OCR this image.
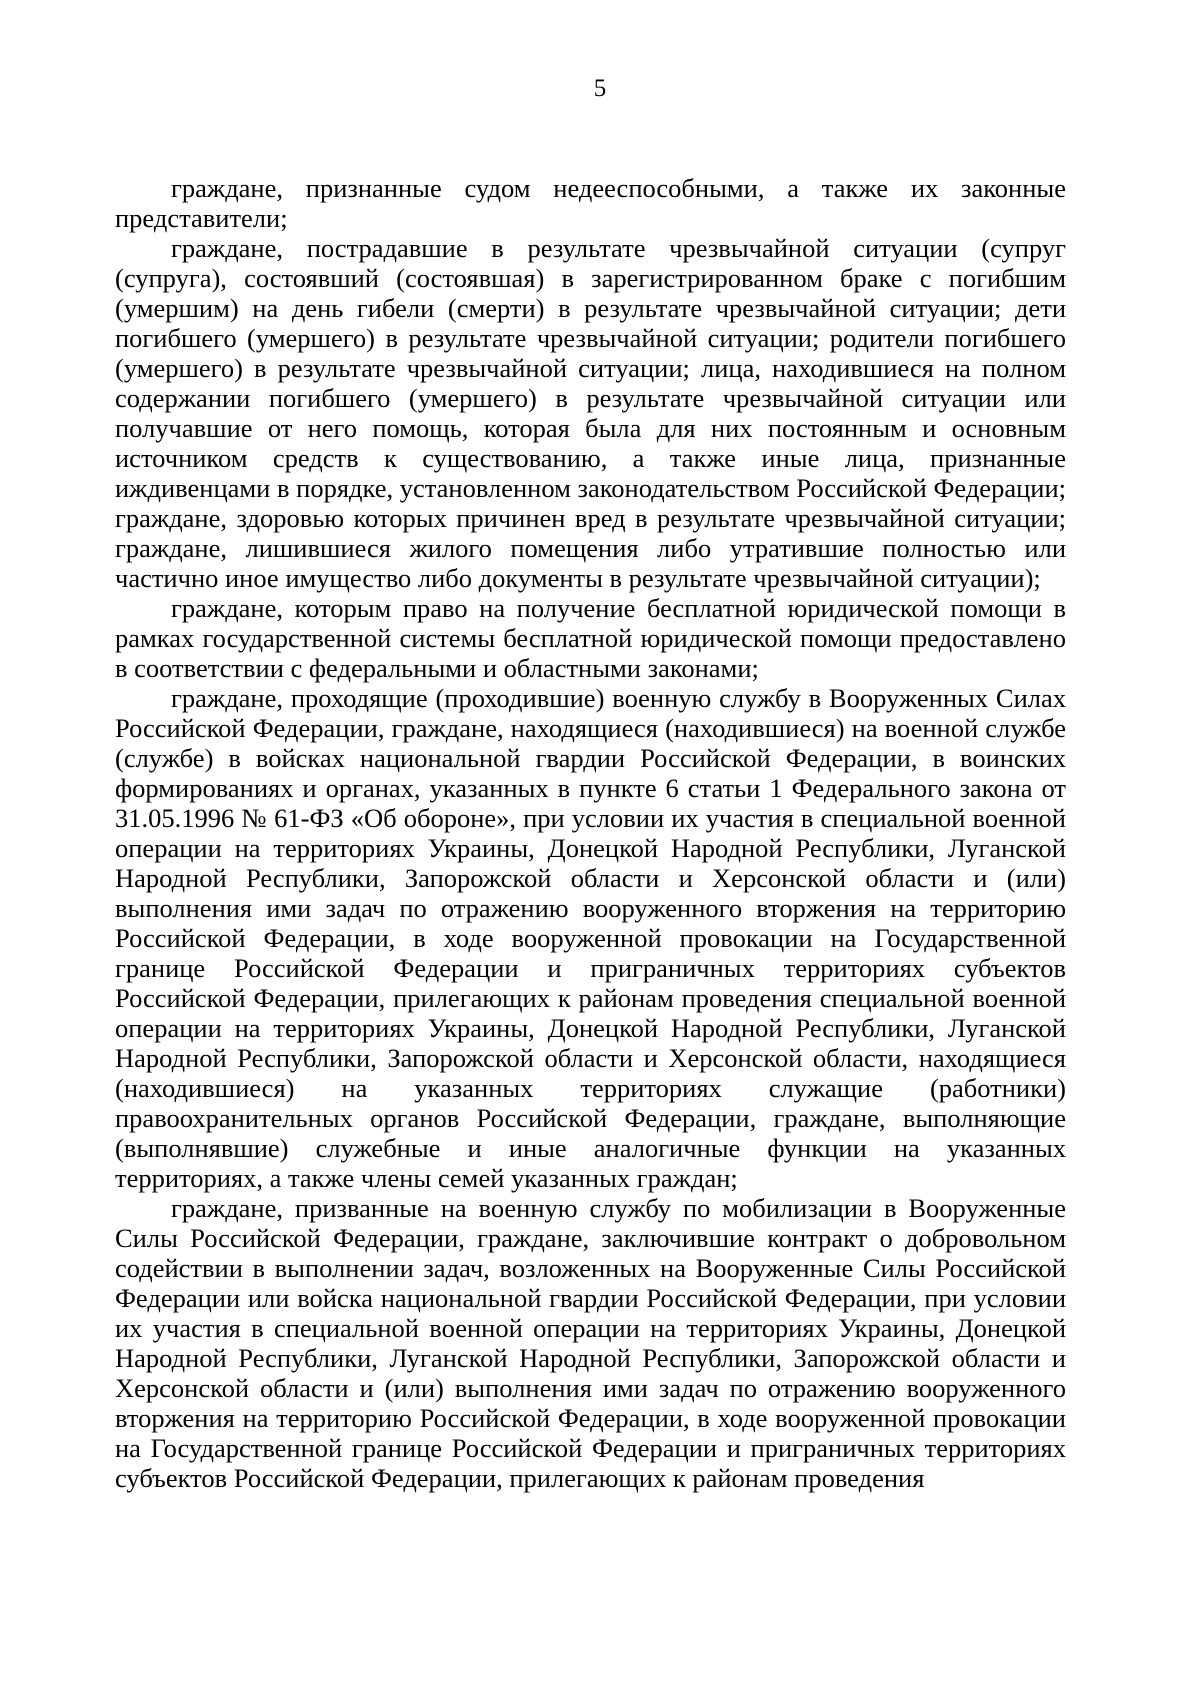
5

граждане, признанные судом недееспособными, а также их законные представители;

граждане, пострадавшие в результате чрезвычайной ситуации (супруг (супруга), состоявший (состоявшая) в зарегистрированном браке с погибшим (умершим) на день гибели (смерти) в результате чрезвычайной ситуации; дети погибшего (умершего) в результате чрезвычайной ситуации; родители погибшего (умершего) в результате чрезвычайной ситуации; лица, находившиеся на полном содержании погибшего (умершего) в результате чрезвычайной ситуации или получавшие от него помощь, которая была для них постоянным и основным источником средств к существованию, а также иные лица, признанные иждивенцами в порядке, установленном законодательством Российской Федерации; граждане, здоровью которых причинен вред в результате чрезвычайной ситуации; граждане, лишившиеся жилого помещения либо утратившие полностью или частично иное имущество либо документы в результате чрезвычайной ситуации);

граждане, которым право на получение бесплатной юридической помощи в рамках государственной системы бесплатной юридической помощи предоставлено в соответствии с федеральными и областными законами;

граждане, проходящие (проходившие) военную службу в Вооруженных Силах Российской Федерации, граждане, находящиеся (находившиеся) на военной службе (службе) в войсках национальной гвардии Российской Федерации, в воинских формированиях и органах, указанных в пункте 6 статьи 1 Федерального закона от 31.05.1996 № 61-ФЗ «Об обороне», при условии их участия в специальной военной операции на территориях Украины, Донецкой Народной Республики, Луганской Народной Республики, Запорожской области и Херсонской области и (или) выполнения ими задач по отражению вооруженного вторжения на территорию Российской Федерации, в ходе вооруженной провокации на Государственной границе Российской Федерации и приграничных территориях субъектов Российской Федерации, прилегающих к районам проведения специальной военной операции на территориях Украины, Донецкой Народной Республики, Луганской Народной Республики, Запорожской области и Херсонской области, находящиеся (находившиеся) на указанных территориях служащие (работники) правоохранительных органов Российской Федерации, граждане, выполняющие (выполнявшие) служебные и иные аналогичные функции на указанных территориях, а также члены семей указанных граждан;

граждане, призванные на военную службу по мобилизации в Вооруженные Силы Российской Федерации, граждане, заключившие контракт о добровольном содействии в выполнении задач, возложенных на Вооруженные Силы Российской Федерации или войска национальной гвардии Российской Федерации, при условии их участия в специальной военной операции на территориях Украины, Донецкой Народной Республики, Луганской Народной Республики, Запорожской области и Херсонской области и (или) выполнения ими задач по отражению вооруженного вторжения на территорию Российской Федерации, в ходе вооруженной провокации на Государственной границе Российской Федерации и приграничных территориях субъектов Российской Федерации, прилегающих к районам проведения
